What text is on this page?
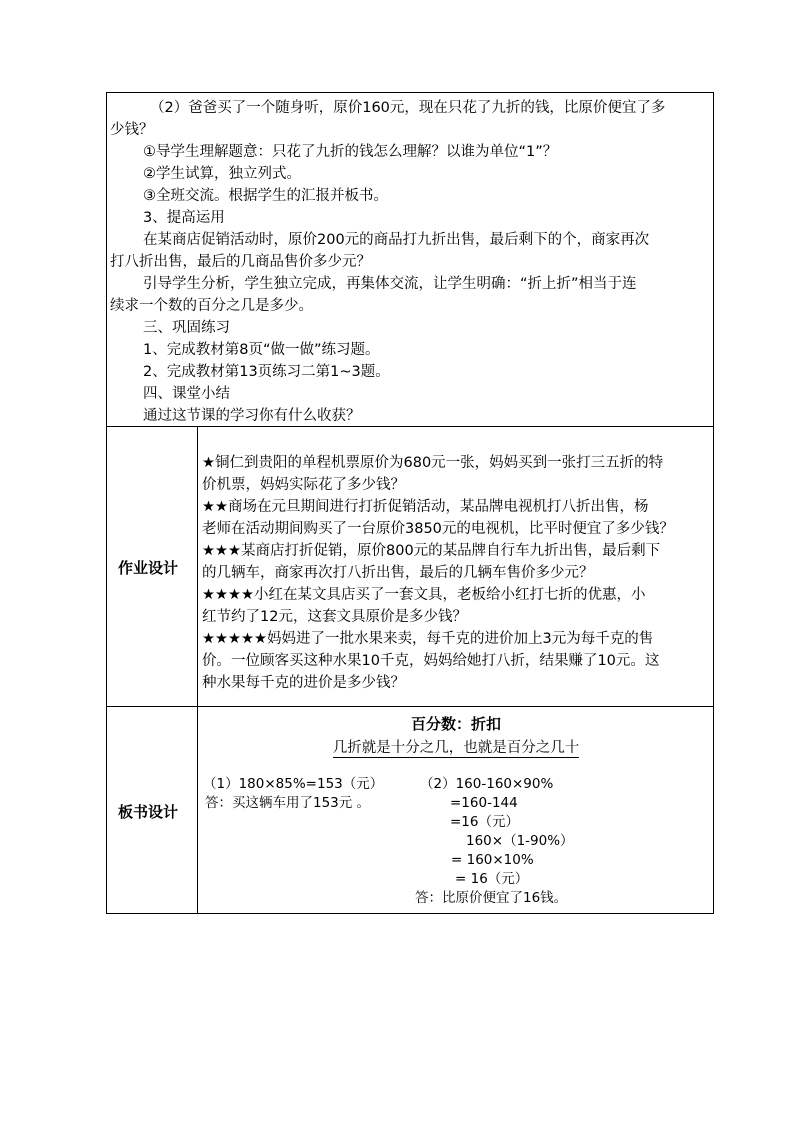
（2）爸爸买了一个随身听，原价160元，现在只花了九折的钱，比原价便宜了多
少钱？
①导学生理解题意：只花了九折的钱怎么理解？以谁为单位“1”？
②学生试算，独立列式。
③全班交流。根据学生的汇报并板书。
3、提高运用
在某商店促销活动时，原价200元的商品打九折出售，最后剩下的个，商家再次
打八折出售，最后的几商品售价多少元？
引导学生分析，学生独立完成，再集体交流，让学生明确：“折上折”相当于连
续求一个数的百分之几是多少。
三、巩固练习
1、完成教材第8页“做一做”练习题。
2、完成教材第13页练习二第1~3题。
四、课堂小结
通过这节课的学习你有什么收获？
作业设计
★铜仁到贵阳的单程机票原价为680元一张，妈妈买到一张打三五折的特
价机票，妈妈实际花了多少钱？
★★商场在元旦期间进行打折促销活动，某品牌电视机打八折出售，杨
老师在活动期间购买了一台原价3850元的电视机，比平时便宜了多少钱？
★★★某商店打折促销，原价800元的某品牌自行车九折出售，最后剩下
的几辆车，商家再次打八折出售，最后的几辆车售价多少元？
★★★★小红在某文具店买了一套文具，老板给小红打七折的优惠，小
红节约了12元，这套文具原价是多少钱？
★★★★★妈妈进了一批水果来卖，每千克的进价加上3元为每千克的售
价。一位顾客买这种水果10千克，妈妈给她打八折，结果赚了10元。这
种水果每千克的进价是多少钱？
板书设计
百分数：折扣
几折就是十分之几，也就是百分之几十
（1）180×85%=153（元）
答：买这辆车用了153元 。
（2）160-160×90%
=160-144
=16（元）
160×（1-90%）
= 160×10%
= 16（元）
答：比原价便宜了16钱。
